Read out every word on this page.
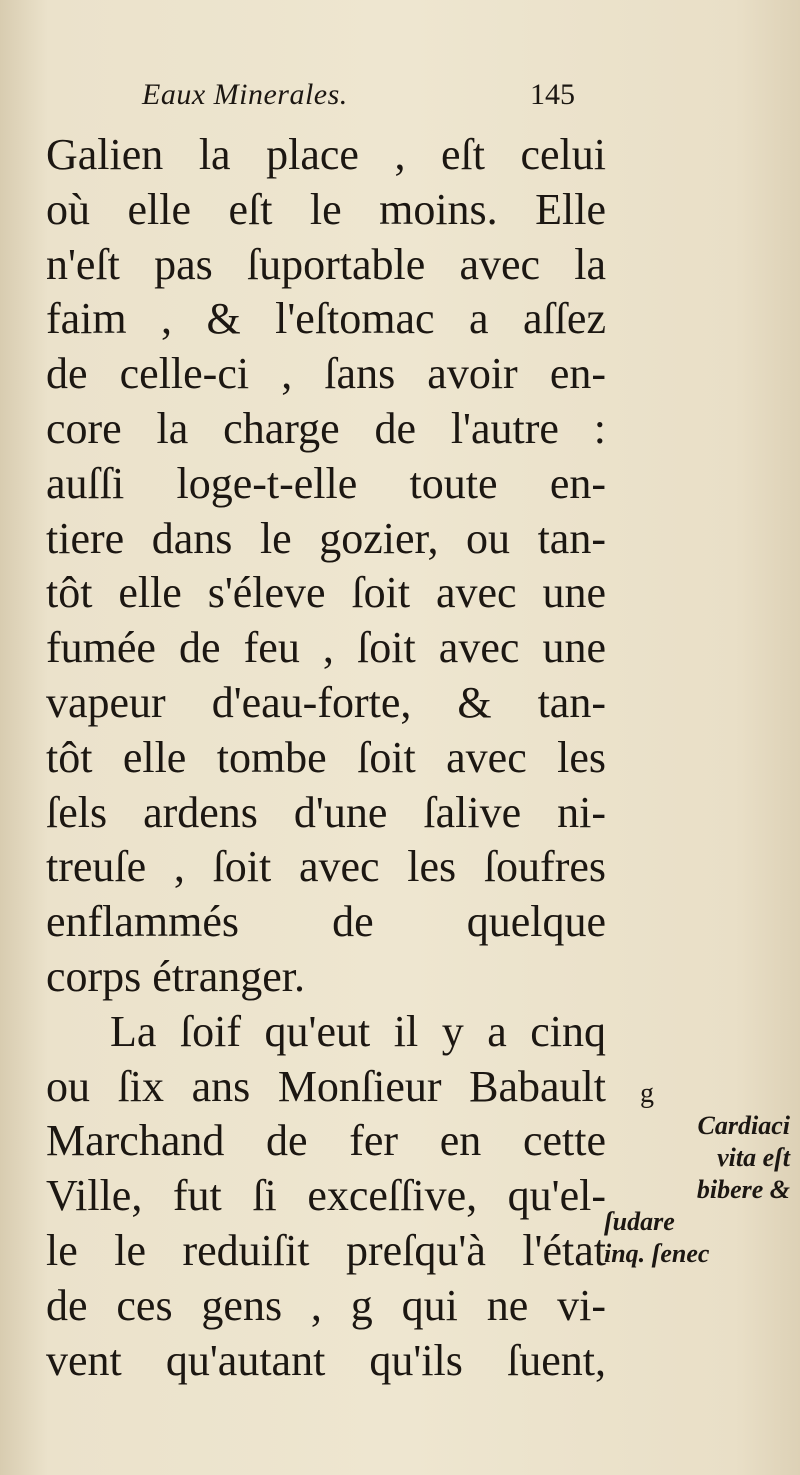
Eaux Minerales.	145
Galien la place , eſt celui
où elle eſt le moins. Elle
n'eſt pas ſuportable avec la
faim , & l'eſtomac a aſſez
de celle-ci , ſans avoir en-
core la charge de l'autre :
auſſi loge-t-elle toute en-
tiere dans le gozier, ou tan-
tôt elle s'éleve ſoit avec une
fumée de feu , ſoit avec une
vapeur d'eau-forte, & tan-
tôt elle tombe ſoit avec les
ſels ardens d'une ſalive ni-
treuſe , ſoit avec les ſoufres
enflammés de quelque
corps étranger.
La ſoif qu'eut il y a cinq
ou ſix ans Monſieur Babault
Marchand de fer en cette
Ville, fut ſi exceſſive, qu'el-
le le reduiſit preſqu'à l'état
de ces gens , g qui ne vi-
vent qu'autant qu'ils ſuent,
g
Cardiaci
vita eſt
bibere &
ſudare
inq. ſenec
